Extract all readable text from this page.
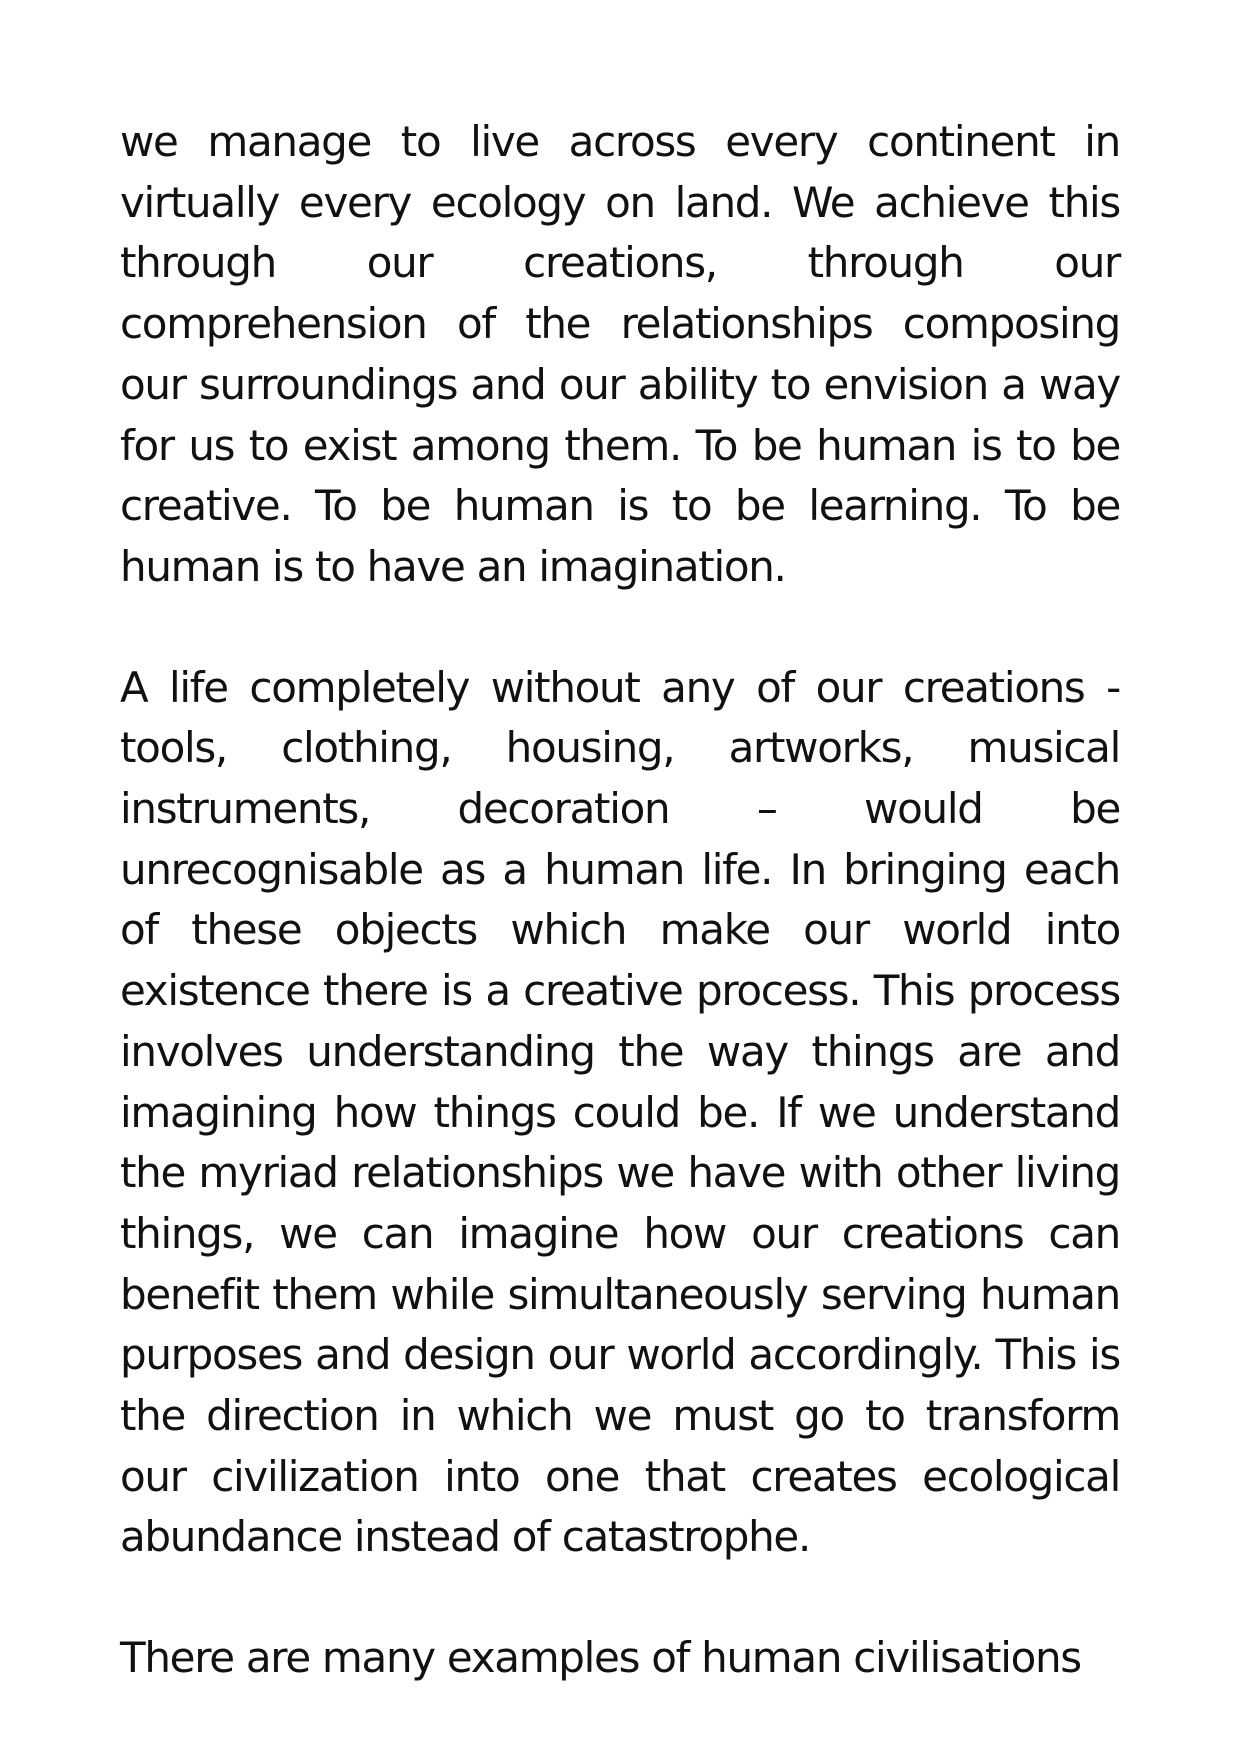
we manage to live across every continent in virtually every ecology on land. We achieve this through our creations, through our comprehension of the relationships composing our surroundings and our ability to envision a way for us to exist among them. To be human is to be creative. To be human is to be learning. To be human is to have an imagination.

A life completely without any of our creations - tools, clothing, housing, artworks, musical instruments, decoration – would be unrecognisable as a human life. In bringing each of these objects which make our world into existence there is a creative process. This process involves understanding the way things are and imagining how things could be. If we understand the myriad relationships we have with other living things, we can imagine how our creations can benefit them while simultaneously serving human purposes and design our world accordingly. This is the direction in which we must go to transform our civilization into one that creates ecological abundance instead of catastrophe.

There are many examples of human civilisations
